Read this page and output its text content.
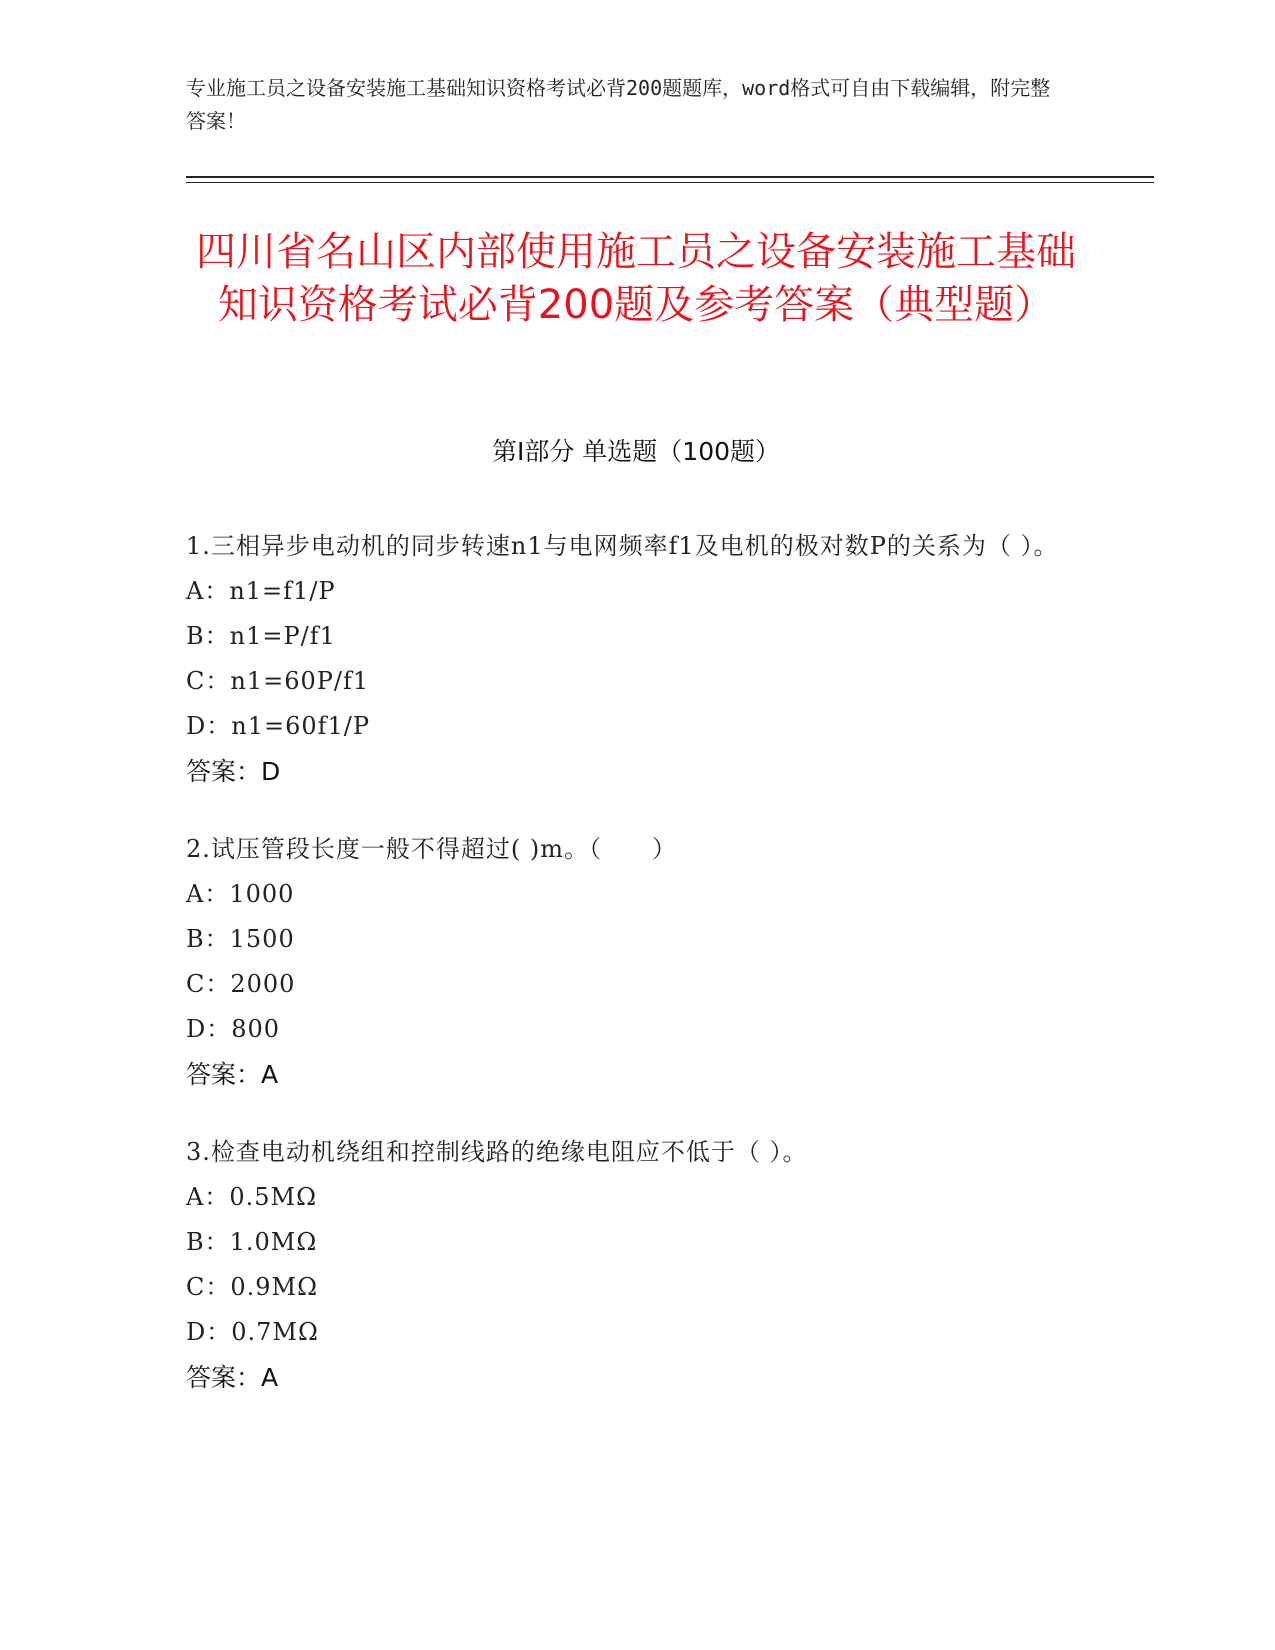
专业施工员之设备安装施工基础知识资格考试必背200题题库，word格式可自由下载编辑，附完整答案！
四川省名山区内部使用施工员之设备安装施工基础知识资格考试必背200题及参考答案（典型题）
第Ⅰ部分 单选题（100题）
1.三相异步电动机的同步转速n1与电网频率f1及电机的极对数P的关系为（ ）。
A：n1=f1/P
B：n1=P/f1
C：n1=60P/f1
D：n1=60f1/P
答案：D
2.试压管段长度一般不得超过( )m。（　　）
A：1000
B：1500
C：2000
D：800
答案：A
3.检查电动机绕组和控制线路的绝缘电阻应不低于（ ）。
A：0.5MΩ
B：1.0MΩ
C：0.9MΩ
D：0.7MΩ
答案：A
